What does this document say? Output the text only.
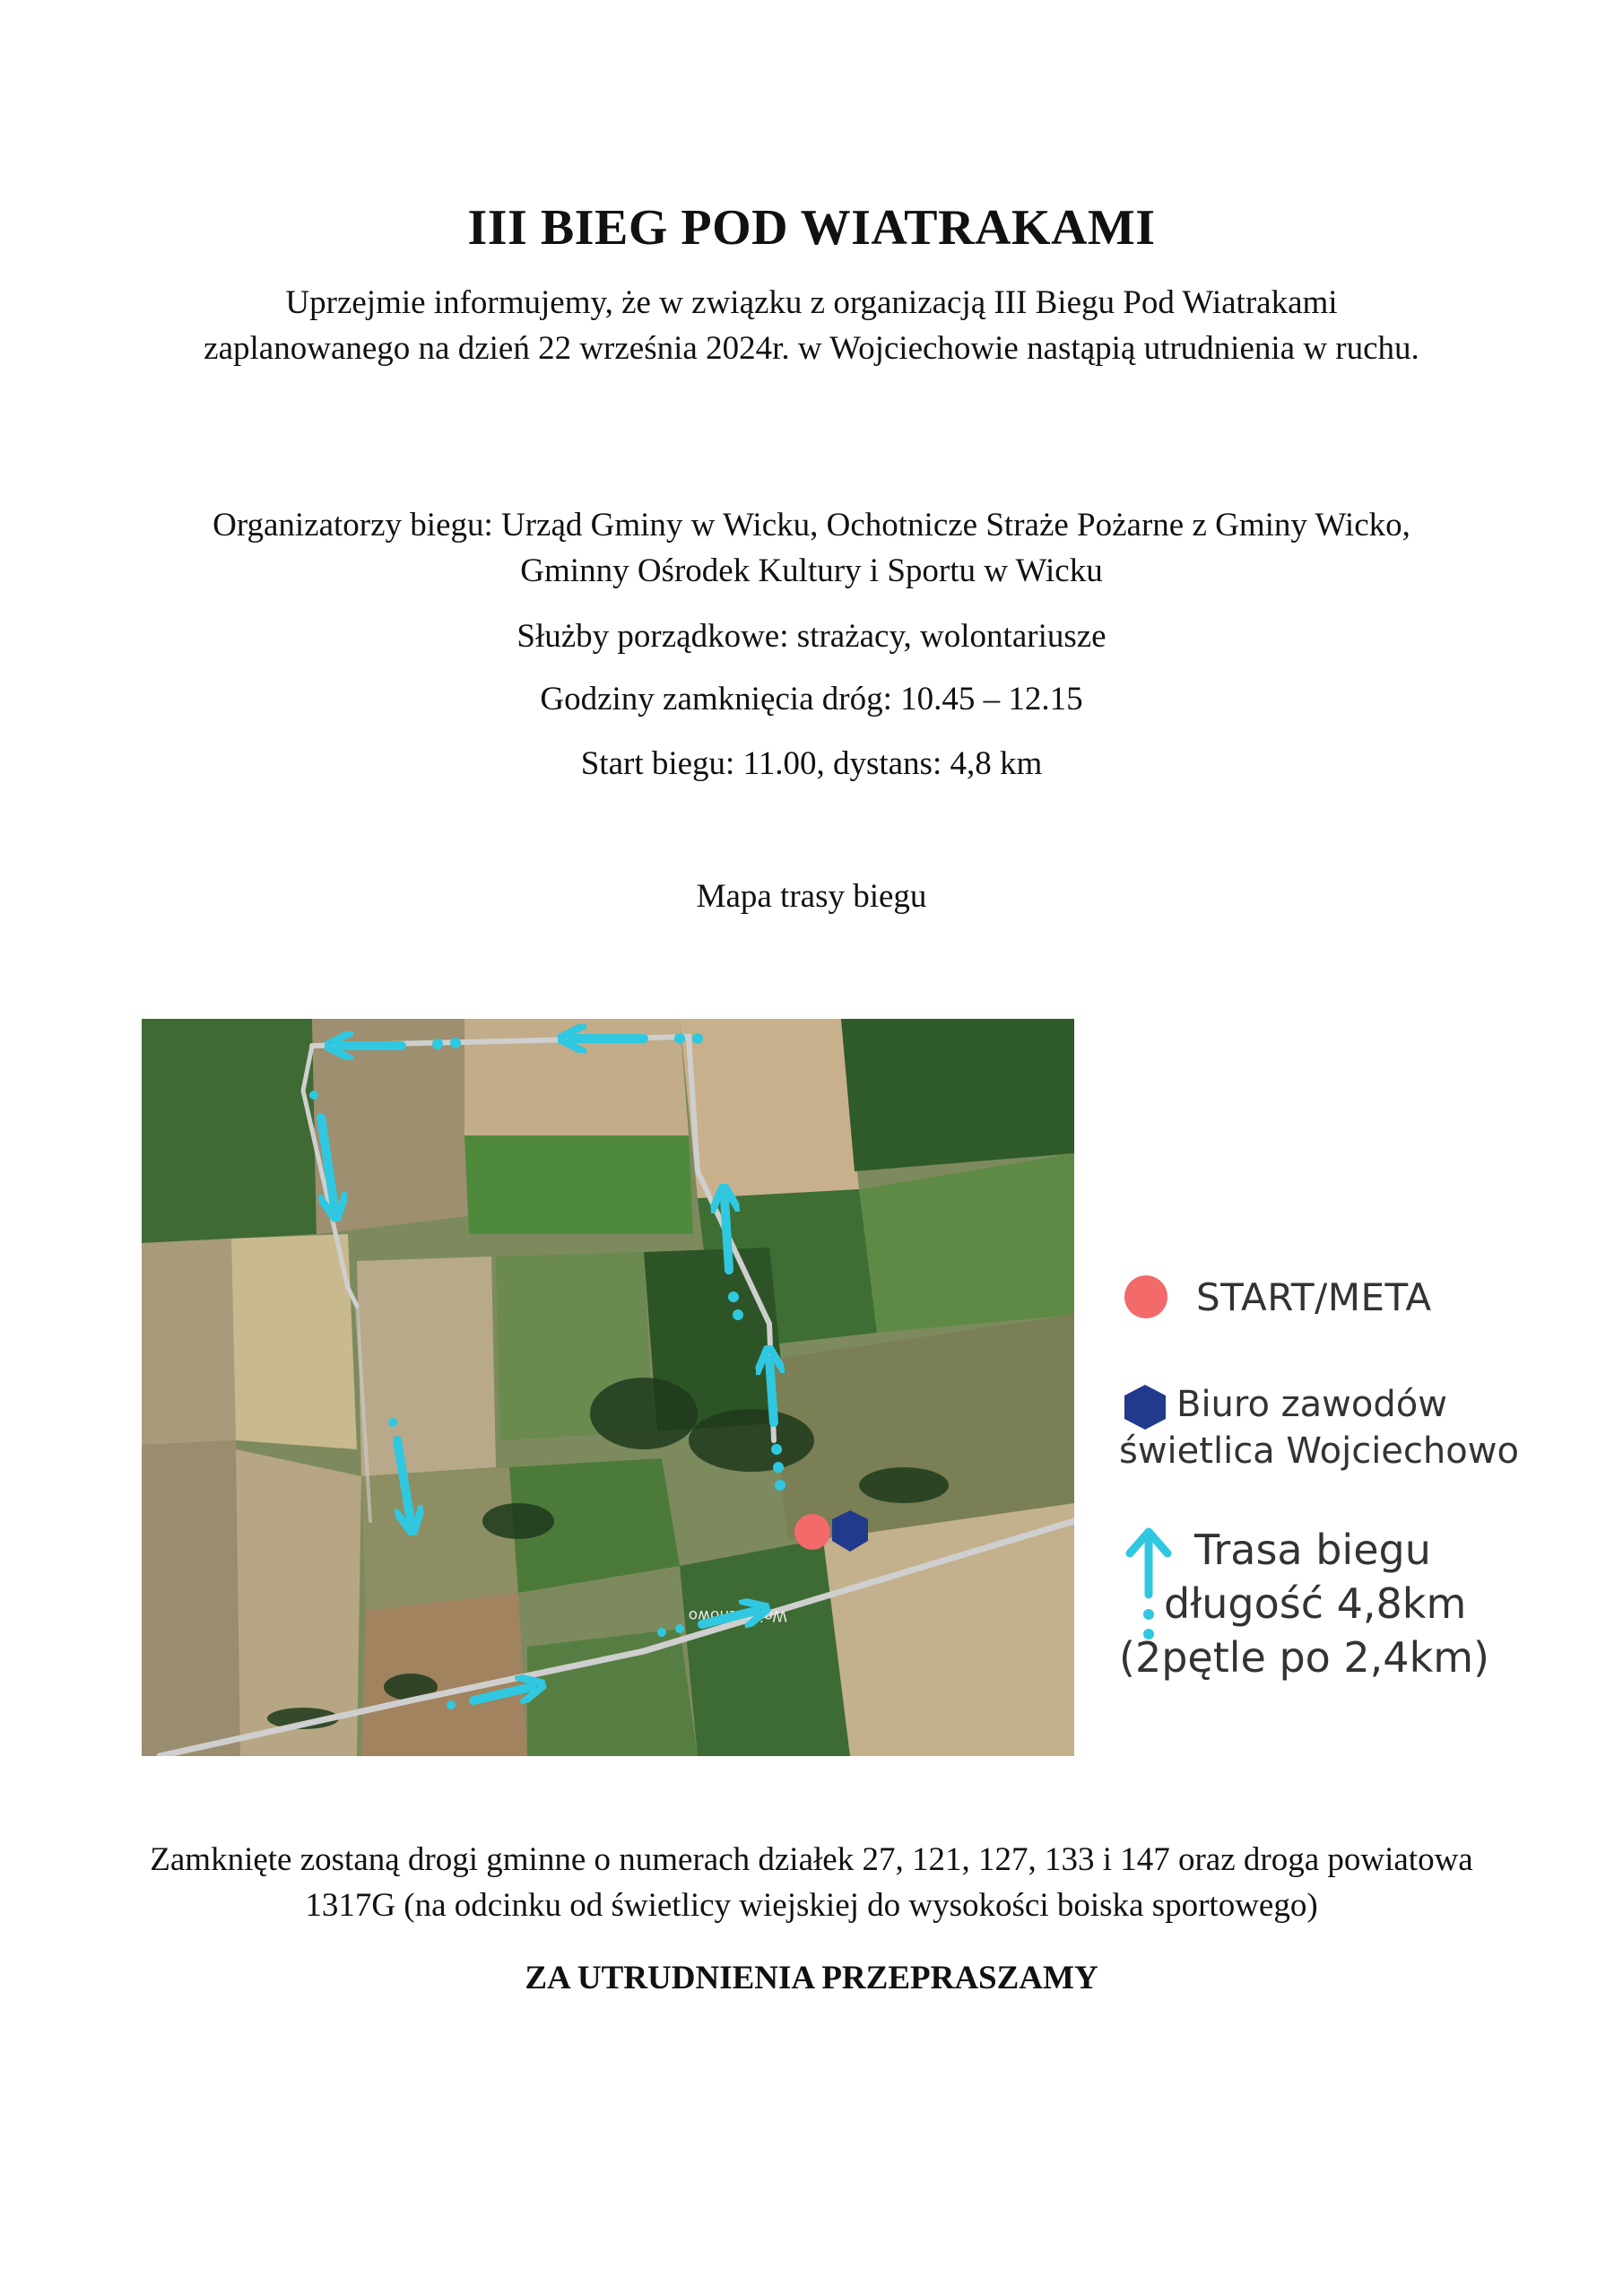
III BIEG POD WIATRAKAMI
Uprzejmie informujemy, że w związku z organizacją III Biegu Pod Wiatrakami zaplanowanego na dzień 22 września 2024r. w Wojciechowie nastąpią utrudnienia w ruchu.
Organizatorzy biegu: Urząd Gminy w Wicku, Ochotnicze Straże Pożarne z Gminy Wicko, Gminny Ośrodek Kultury i Sportu w Wicku
Służby porządkowe: strażacy, wolontariusze
Godziny zamknięcia dróg: 10.45 – 12.15
Start biegu: 11.00, dystans: 4,8 km
Mapa trasy biegu
Wojciechowo
START/META
Biuro zawodów
świetlica Wojciechowo
Trasa biegu
długość 4,8km
(2pętle po 2,4km)
Zamknięte zostaną drogi gminne o numerach działek 27, 121, 127, 133 i 147 oraz droga powiatowa 1317G (na odcinku od świetlicy wiejskiej do wysokości boiska sportowego)
ZA UTRUDNIENIA PRZEPRASZAMY
